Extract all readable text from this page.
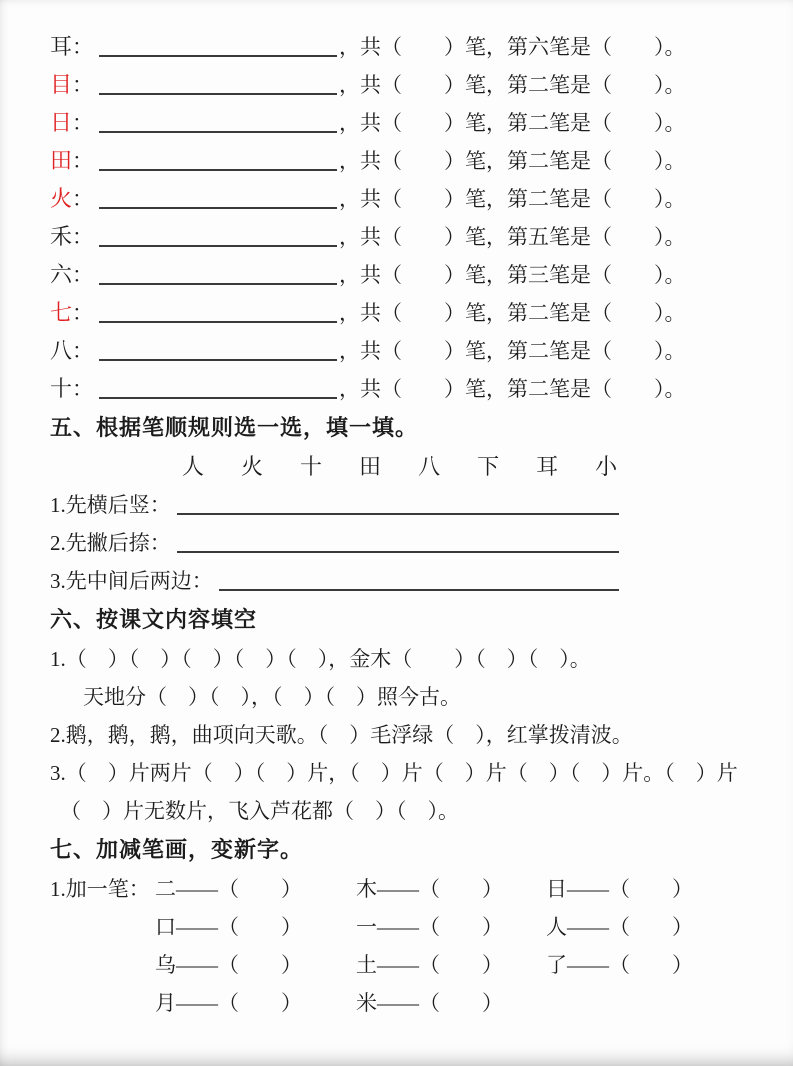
耳：	，共（　　）笔，第六笔是（　　）。
目：	，共（　　）笔，第二笔是（　　）。
日：	，共（　　）笔，第二笔是（　　）。
田：	，共（　　）笔，第二笔是（　　）。
火：	，共（　　）笔，第二笔是（　　）。
禾：	，共（　　）笔，第五笔是（　　）。
六：	，共（　　）笔，第三笔是（　　）。
七：	，共（　　）笔，第二笔是（　　）。
八：	，共（　　）笔，第二笔是（　　）。
十：	，共（　　）笔，第二笔是（　　）。
五、根据笔顺规则选一选，填一填。
人 火 十 田 八 下 耳 小
1.先横后竖：
2.先撇后捺：
3.先中间后两边：
六、按课文内容填空
1.（　）（　）（　）（　）（　），金木（　　）（　）（　）。
天地分（　）（　），（　）（　）照今古。
2.鹅，鹅，鹅，曲项向天歌。（　）毛浮绿（　），红掌拨清波。
3.（　）片两片（　）（　）片，（　）片（　）片（　）（　）片。（　）片
（　）片无数片，飞入芦花都（　）（　）。
七、加减笔画，变新字。
1.加一笔： 二——（　　）	木——（　　）	日——（　　）
口——（　　）	一——（　　）	人——（　　）
乌——（　　）	土——（　　）	了——（　　）
月——（　　）	米——（　　）
